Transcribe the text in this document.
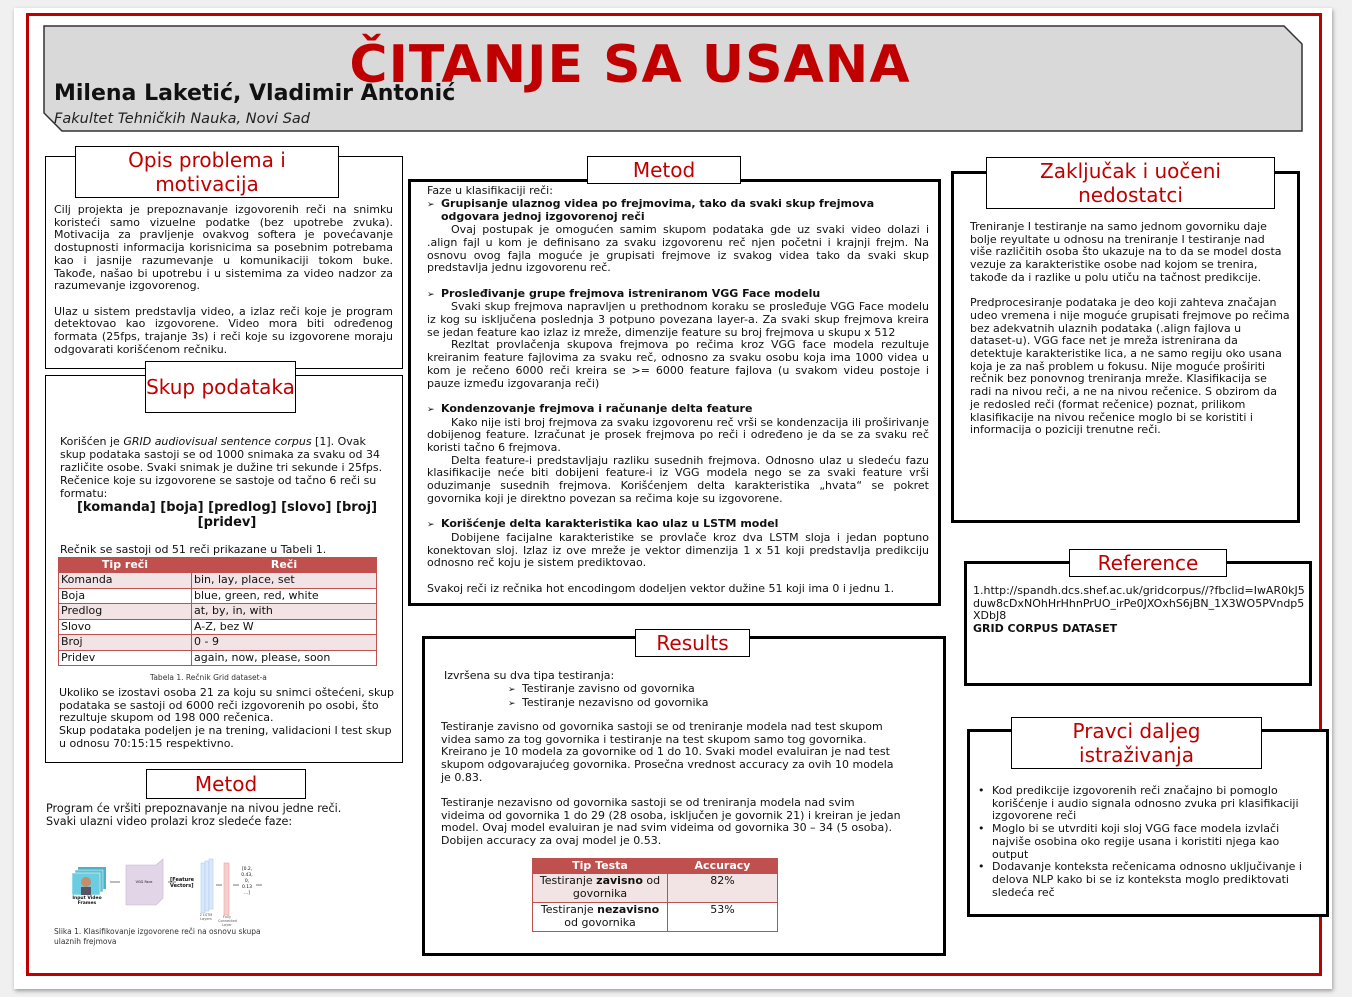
ČITANJE SA USANA
Milena Laketić, Vladimir Antonić
Fakultet Tehničkih Nauka, Novi Sad
Opis problema i motivacija

Cilj projekta je prepoznavanje izgovorenih reči na snimku koristeći samo vizuelne podatke (bez upotrebe zvuka). Motivacija za pravljenje ovakvog softera je povećavanje dostupnosti informacija korisnicima sa posebnim potrebama kao i jasnije razumevanje u komunikaciji tokom buke. Takođe, našao bi upotrebu i u sistemima za video nadzor za razumevanje izgovorenog.

Ulaz u sistem predstavlja video, a izlaz reči koje je program detektovao kao izgovorene. Video mora biti određenog formata (25fps, trajanje 3s) i reči koje su izgovorene moraju odgovarati korišćenom rečniku.

Skup podataka

Korišćen je GRID audiovisual sentence corpus [1]. Ovak skup podataka sastoji se od 1000 snimaka za svaku od 34 različite osobe. Svaki snimak je dužine tri sekunde i 25fps. Rečenice koje su izgovorene se sastoje od tačno 6 reči su formatu:

[komanda] [boja] [predlog] [slovo] [broj] [pridev]

Rečnik se sastoji od 51 reči prikazane u Tabeli 1.

Tip reči	Reči
Komanda	bin, lay, place, set
Boja	blue, green, red, white
Predlog	at, by, in, with
Slovo	A-Z, bez W
Broj	0 - 9
Pridev	again, now, please, soon
Tabela 1. Rečnik Grid dataset-a

Ukoliko se izostavi osoba 21 za koju su snimci oštećeni, skup podataka se sastoji od 6000 reči izgovorenih po osobi, što rezultuje skupom od 198 000 rečenica.

Skup podataka podeljen je na trening, validacioni I test skup u odnosu 70:15:15 respektivno.

Metod

Program će vršiti prepoznavanje na nivou jedne reči.

Svaki ulazni video prolazi kroz sledeće faze:

Input Video Frames
VGG Face	[Feature Vectors]
2 LSTM Layers	Fully Connected Layer
[0.2, 0.43, 0, 0.13 ...]
Slika 1. Klasifikovanje izgovorene reči na osnovu skupa ulaznih frejmova
Metod

Faze u klasifikaciji reči:

➢ Grupisanje ulaznog videa po frejmovima, tako da svaki skup frejmova odgovara jednoj izgovorenoj reči

Ovaj postupak je omogućen samim skupom podataka gde uz svaki video dolazi i .align fajl u kom je definisano za svaku izgovorenu reč njen početni i krajnji frejm. Na osnovu ovog fajla moguće je grupisati frejmove iz svakog videa tako da svaki skup predstavlja jednu izgovorenu reč.

➢ Prosleđivanje grupe frejmova istreniranom VGG Face modelu

Svaki skup frejmova napravljen u prethodnom koraku se prosleđuje VGG Face modelu iz kog su isključena poslednja 3 potpuno povezana layer-a. Za svaki skup frejmova kreira se jedan feature kao izlaz iz mreže, dimenzije feature su broj frejmova u skupu x 512

Rezltat provlačenja skupova frejmova po rečima kroz VGG face modela rezultuje kreiranim feature fajlovima za svaku reč, odnosno za svaku osobu koja ima 1000 videa u kom je rečeno 6000 reči kreira se >= 6000 feature fajlova (u svakom videu postoje i pauze između izgovaranja reči)

➢ Kondenzovanje frejmova i računanje delta feature

Kako nije isti broj frejmova za svaku izgovorenu reč vrši se kondenzacija ili proširivanje dobijenog feature. Izračunat je prosek frejmova po reči i određeno je da se za svaku reč koristi tačno 6 frejmova.

Delta feature-i predstavljaju razliku susednih frejmova. Odnosno ulaz u sledeću fazu klasifikacije neće biti dobijeni feature-i iz VGG modela nego se za svaki feature vrši oduzimanje susednih frejmova. Korišćenjem delta karakteristika „hvata“ se pokret govornika koji je direktno povezan sa rečima koje su izgovorene.

➢ Korišćenje delta karakteristika kao ulaz u LSTM model

Dobijene facijalne karakteristike se provlače kroz dva LSTM sloja i jedan poptuno konektovan sloj. Izlaz iz ove mreže je vektor dimenzija 1 x 51 koji predstavlja predikciju odnosno reč koju je sistem prediktovao.

Svakoj reči iz rečnika hot encodingom dodeljen vektor dužine 51 koji ima 0 i jednu 1.

Results
Izvršena su dva tipa testiranja:

➢ Testiranje zavisno od govornika

➢ Testiranje nezavisno od govornika

Testiranje zavisno od govornika sastoji se od treniranje modela nad test skupom videa samo za tog govornika i testiranje na test skupom samo tog govornika. Kreirano je 10 modela za govornike od 1 do 10. Svaki model evaluiran je nad test skupom odgovarajućeg govornika. Prosečna vrednost accuracy za ovih 10 modela je 0.83.
Testiranje nezavisno od govornika sastoji se od treniranja modela nad svim videima od govornika 1 do 29 (28 osoba, isključen je govornik 21) i kreiran je jedan model. Ovaj model evaluiran je nad svim videima od govornika 30 – 34 (5 osoba). Dobijen accuracy za ovaj model je 0.53.
Tip Testa	Accuracy
Testiranje zavisno od govornika	82%
Testiranje nezavisno od govornika	53%
Zaključak i uočeni nedostatci

Treniranje I testiranje na samo jednom govorniku daje bolje reyultate u odnosu na treniranje I testiranje nad više različitih osoba što ukazuje na to da se model dosta vezuje za karakteristike osobe nad kojom se trenira, takođe da i razlike u polu utiču na tačnost predikcije.

Predprocesiranje podataka je deo koji zahteva značajan udeo vremena i nije moguće grupisati frejmove po rečima bez adekvatnih ulaznih podataka (.align fajlova u dataset-u). VGG face net je mreža istrenirana da detektuje karakteristike lica, a ne samo regiju oko usana koja je za naš problem u fokusu. Nije moguće proširiti rečnik bez ponovnog treniranja mreže. Klasifikacija se radi na nivou reči, a ne na nivou rečenice. S obzirom da je redosled reči (format rečenice) poznat, prilikom klasifikacije na nivou rečenice moglo bi se koristiti i informacija o poziciji trenutne reči.

Reference

1.http://spandh.dcs.shef.ac.uk/gridcorpus//?fbclid=IwAR0kJ5duw8cDxNOhHrHhnPrUO_irPe0JXOxhS6jBN_1X3WO5PVndp5XDbJ8

GRID CORPUS DATASET

Pravci daljeg istraživanja
• Kod predikcije izgovorenih reči značajno bi pomoglo korišćenje i audio signala odnosno zvuka pri klasifikaciji izgovorene reči
• Moglo bi se utvrditi koji sloj VGG face modela izvlači najviše osobina oko regije usana i koristiti njega kao output
• Dodavanje konteksta rečenicama odnosno uključivanje i delova NLP kako bi se iz konteksta moglo prediktovati sledeća reč
